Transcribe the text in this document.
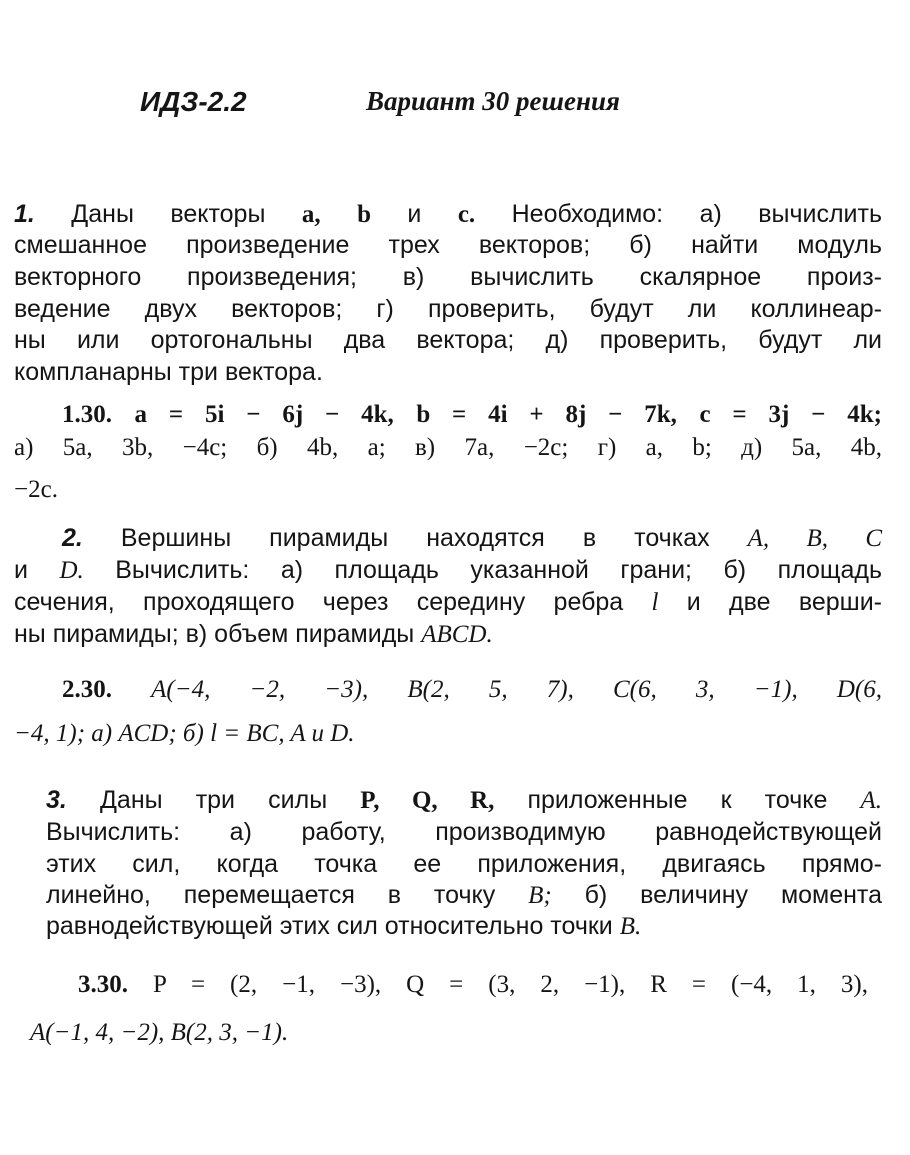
ИДЗ-2.2	Вариант 30 решения
1. Даны векторы a, b и c. Необходимо: а) вычислить
смешанное произведение трех векторов; б) найти модуль
векторного произведения; в) вычислить скалярное произ-
ведение двух векторов; г) проверить, будут ли коллинеар-
ны или ортогональны два вектора; д) проверить, будут ли
компланарны три вектора.
1.30. a = 5i − 6j − 4k, b = 4i + 8j − 7k, c = 3j − 4k;
а) 5a, 3b, −4c; б) 4b, a; в) 7a, −2c; г) a, b; д) 5a, 4b,
−2c.
2. Вершины пирамиды находятся в точках A, B, C
и D. Вычислить: а) площадь указанной грани; б) площадь
сечения, проходящего через середину ребра l и две верши-
ны пирамиды; в) объем пирамиды ABCD.
2.30. A(−4, −2, −3), B(2, 5, 7), C(6, 3, −1), D(6,
−4, 1); а) ACD; б) l = BC, A и D.
3. Даны три силы P, Q, R, приложенные к точке A.
Вычислить: а) работу, производимую равнодействующей
этих сил, когда точка ее приложения, двигаясь прямо-
линейно, перемещается в точку B; б) величину момента
равнодействующей этих сил относительно точки B.
3.30. P = (2, −1, −3), Q = (3, 2, −1), R = (−4, 1, 3),
A(−1, 4, −2), B(2, 3, −1).
